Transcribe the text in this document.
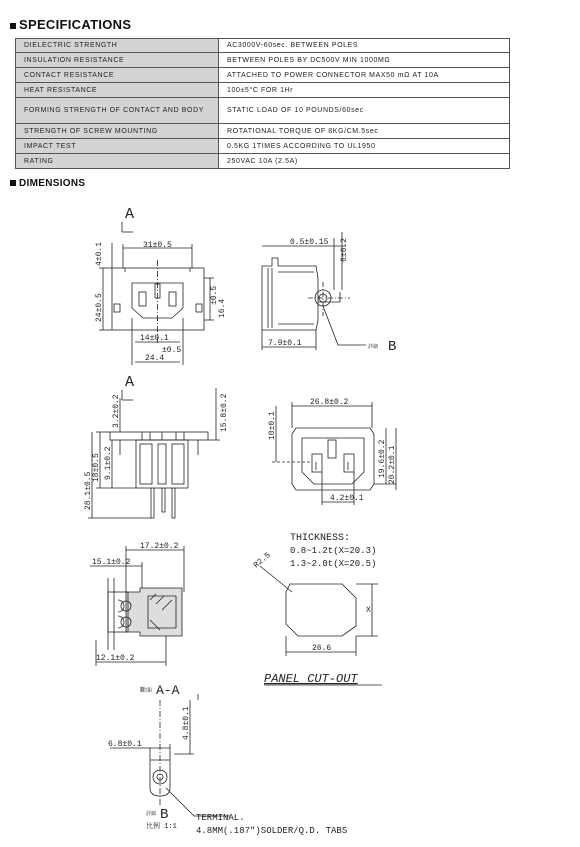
SPECIFICATIONS
DIELECTRIC STRENGTH	AC3000V-60sec. BETWEEN POLES
INSULATION RESISTANCE	BETWEEN POLES BY DC500V MIN 1000MΩ
CONTACT RESISTANCE	ATTACHED TO POWER CONNECTOR MAX50 mΩ AT 10A
HEAT RESISTANCE	100±5°C FOR 1Hr
FORMING STRENGTH OF CONTACT AND BODY	STATIC LOAD OF 10 POUNDS/60sec
STRENGTH OF SCREW MOUNTING	ROTATIONAL TORQUE OF 8KG/CM.5sec
IMPACT TEST	0.5KG 1TIMES ACCORDING TO UL1950
RATING	250VAC 10A (2.5A)
DIMENSIONS
A
31±0.5
4±0.1
24±0.5	±0.5
16.4
14±0.1
±0.5
24.4
0.5±0.15 6±0.2
7.9±0.1	詳細 B
A
3.2±0.2
18±0.5 9.1±0.2
28.1±0.5
15.8±0.2	26.8±0.2
10±0.1
19.6±0.2 20.2±0.1
4.2±0.1
THICKNESS:
0.8~1.2t(X=20.3)
1.3~2.0t(X=20.5)
17.2±0.2
15.1±0.2
12.1±0.2
R2.5
X
26.6
PANEL CUT-OUT
斷面 A-A
6.8±0.1
4.8±0.1
詳細 B
比例 1:1
TERMINAL.
4.8MM(.187")SOLDER/Q.D. TABS
